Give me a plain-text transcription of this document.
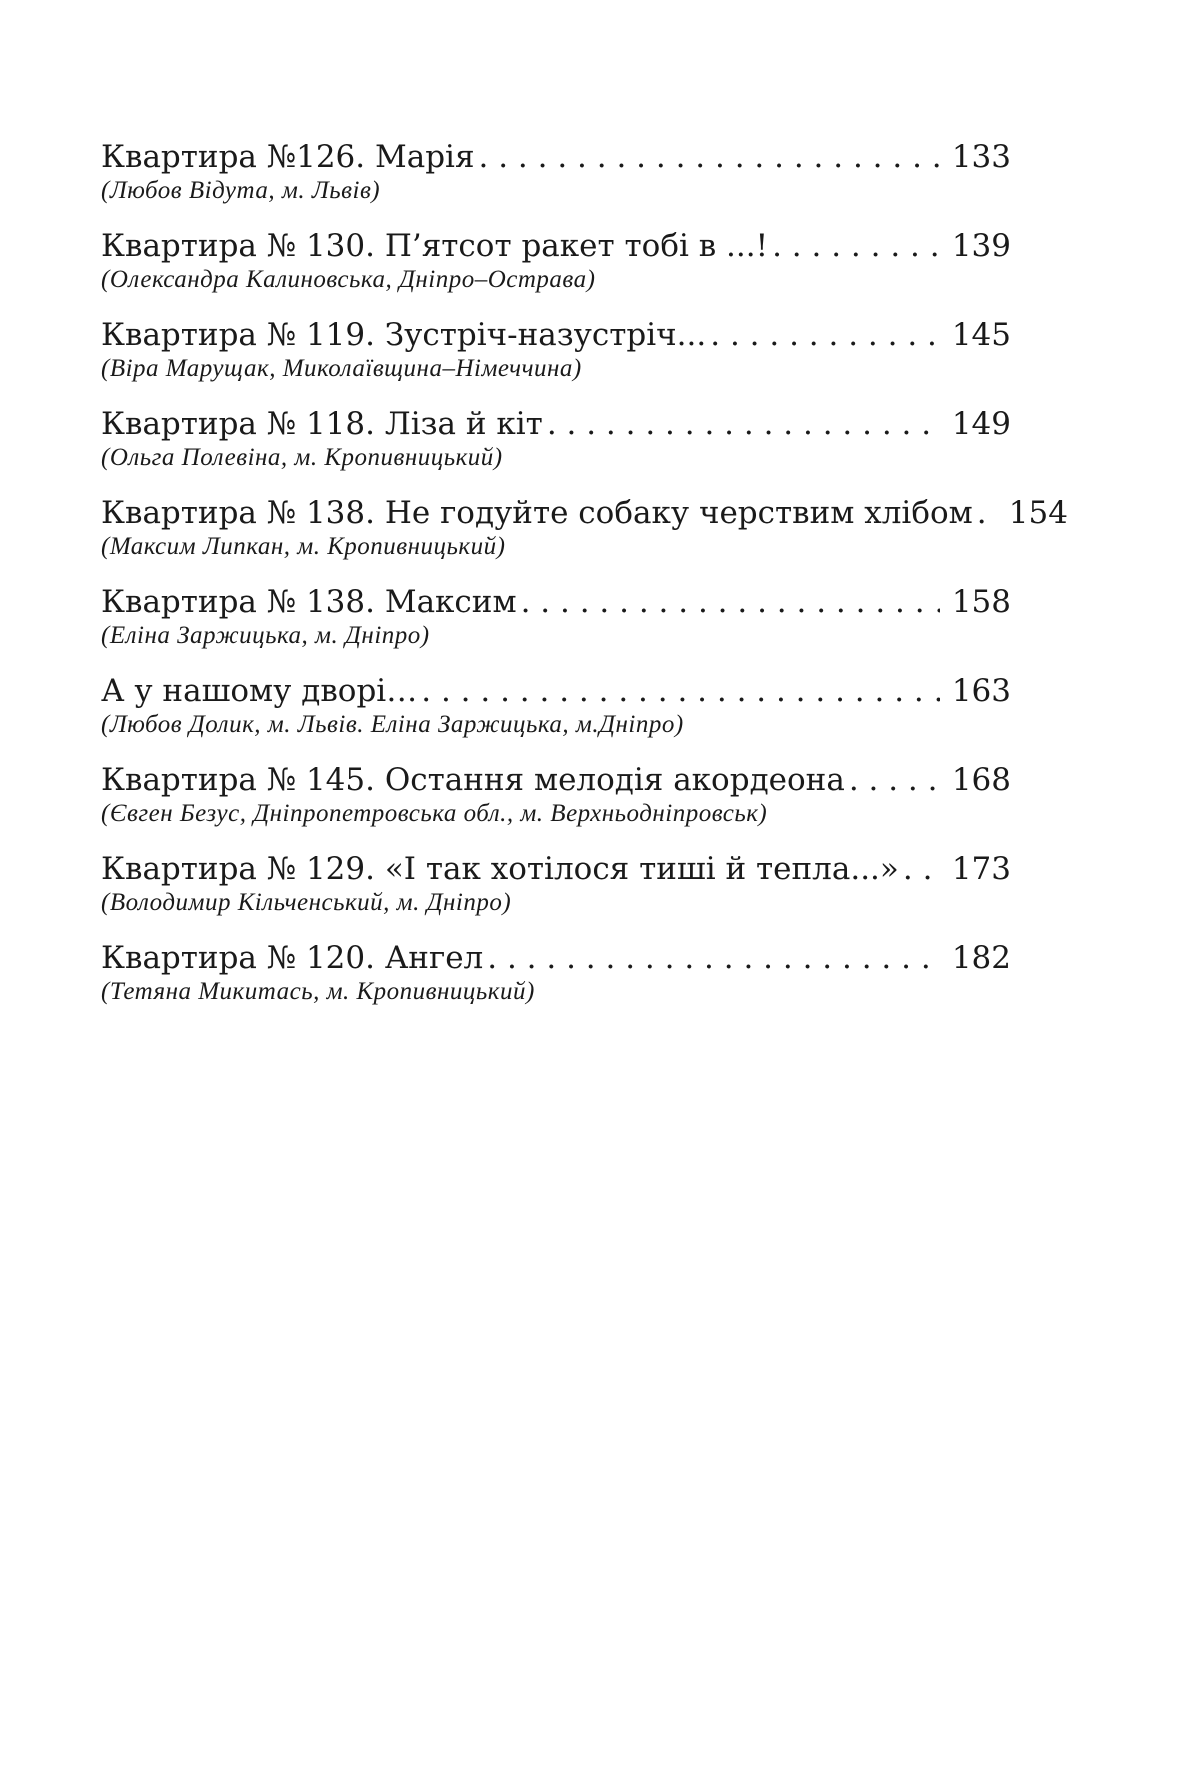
Квартира №126. Марія . . .	133
(Любов Відута, м. Львів)
Квартира № 130. П’ятсот ракет тобі в ...! . . .	139
(Олександра Калиновська, Дніпро–Острава)
Квартира № 119. Зустріч-назустріч... . . .	145
(Віра Марущак, Миколаївщина–Німеччина)
Квартира № 118. Ліза й кіт . . .	149
(Ольга Полевіна, м. Кропивницький)
Квартира № 138. Не годуйте собаку черствим хлібом . . .	154
(Максим Липкан, м. Кропивницький)
Квартира № 138. Максим . . .	158
(Еліна Заржицька, м. Дніпро)
А у нашому дворі… . . .	163
(Любов Долик, м. Львів. Еліна Заржицька, м.Дніпро)
Квартира № 145. Остання мелодія акордеона . . .	168
(Євген Безус, Дніпропетровська обл., м. Верхньодніпровськ)
Квартира № 129. «І так хотілося тиші й тепла...» . . .	173
(Володимир Кільченський, м. Дніпро)
Квартира № 120. Ангел . . .	182
(Тетяна Микитась, м. Кропивницький)
